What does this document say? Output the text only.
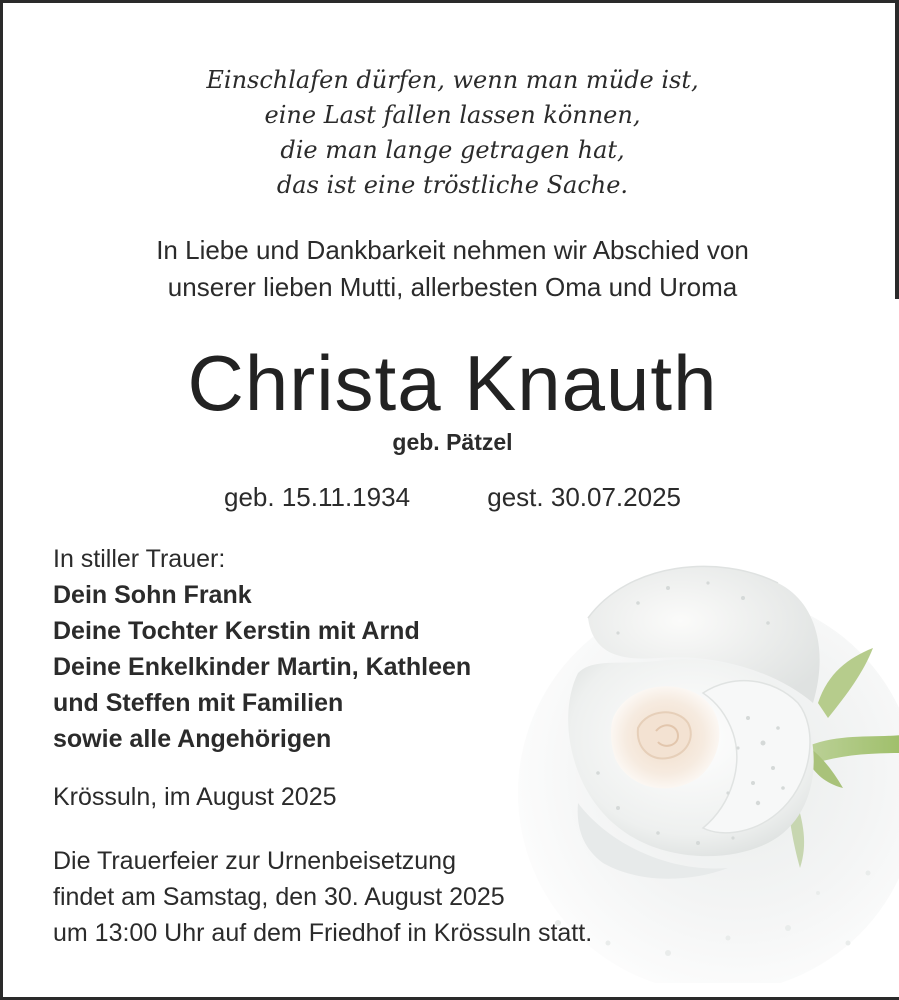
Einschlafen dürfen, wenn man müde ist,
eine Last fallen lassen können,
die man lange getragen hat,
das ist eine tröstliche Sache.
In Liebe und Dankbarkeit nehmen wir Abschied von
unserer lieben Mutti, allerbesten Oma und Uroma
Christa Knauth
geb. Pätzel
geb. 15.11.1934	gest. 30.07.2025
In stiller Trauer:
Dein Sohn Frank
Deine Tochter Kerstin mit Arnd
Deine Enkelkinder Martin, Kathleen
und Steffen mit Familien
sowie alle Angehörigen
Krössuln, im August 2025
Die Trauerfeier zur Urnenbeisetzung
findet am Samstag, den 30. August 2025
um 13:00 Uhr auf dem Friedhof in Krössuln statt.
